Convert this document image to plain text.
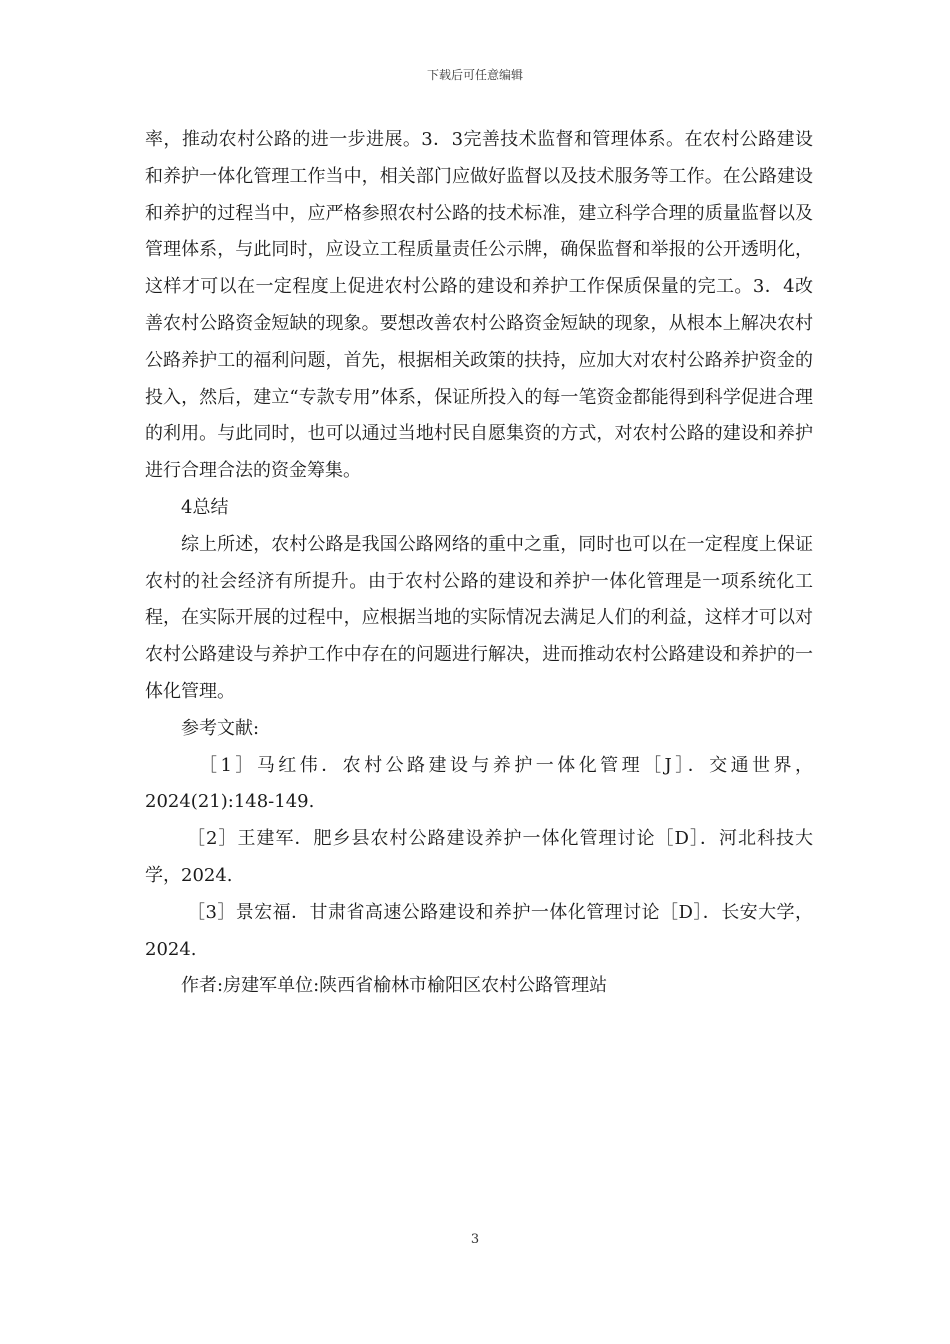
下载后可任意编辑

率，推动农村公路的进一步进展。3．3完善技术监督和管理体系。在农村公路建设和养护一体化管理工作当中，相关部门应做好监督以及技术服务等工作。在公路建设和养护的过程当中，应严格参照农村公路的技术标准，建立科学合理的质量监督以及管理体系，与此同时，应设立工程质量责任公示牌，确保监督和举报的公开透明化，这样才可以在一定程度上促进农村公路的建设和养护工作保质保量的完工。3．4改善农村公路资金短缺的现象。要想改善农村公路资金短缺的现象，从根本上解决农村公路养护工的福利问题，首先，根据相关政策的扶持，应加大对农村公路养护资金的投入，然后，建立“专款专用”体系，保证所投入的每一笔资金都能得到科学促进合理的利用。与此同时，也可以通过当地村民自愿集资的方式，对农村公路的建设和养护进行合理合法的资金筹集。

4总结

综上所述，农村公路是我国公路网络的重中之重，同时也可以在一定程度上保证农村的社会经济有所提升。由于农村公路的建设和养护一体化管理是一项系统化工程，在实际开展的过程中，应根据当地的实际情况去满足人们的利益，这样才可以对农村公路建设与养护工作中存在的问题进行解决，进而推动农村公路建设和养护的一体化管理。

参考文献:

［1］马红伟．农村公路建设与养护一体化管理［J］．交通世界，2024(21):148-149.

［2］王建军．肥乡县农村公路建设养护一体化管理讨论［D］．河北科技大学，2024.

［3］景宏福．甘肃省高速公路建设和养护一体化管理讨论［D］．长安大学，2024.

作者:房建军单位:陕西省榆林市榆阳区农村公路管理站

3
